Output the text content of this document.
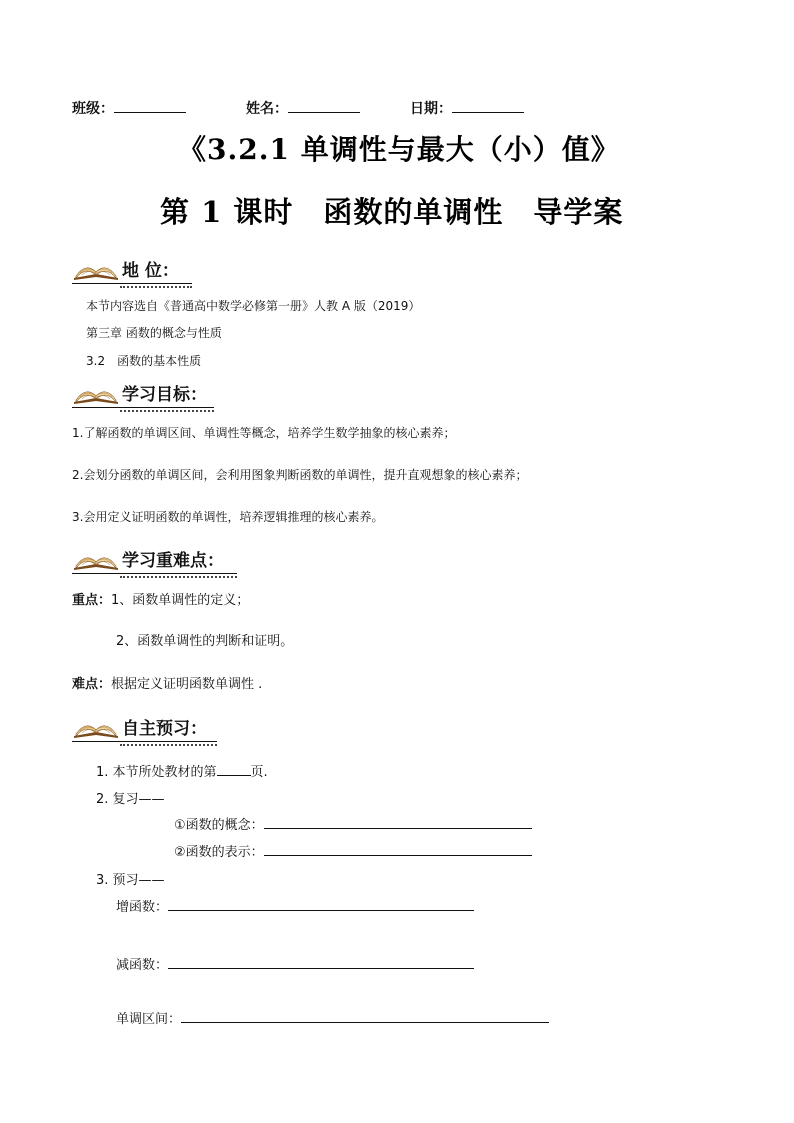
班级：	姓名：	日期：
《3.2.1 单调性与最大（小）值》
第 1 课时　函数的单调性　导学案
地 位：
本节内容选自《普通高中数学必修第一册》人教 A 版（2019）
第三章 函数的概念与性质
3.2　函数的基本性质
学习目标：
1.了解函数的单调区间、单调性等概念，培养学生数学抽象的核心素养；
2.会划分函数的单调区间，会利用图象判断函数的单调性，提升直观想象的核心素养；
3.会用定义证明函数的单调性，培养逻辑推理的核心素养。
学习重难点：
重点：1、函数单调性的定义；
2、函数单调性的判断和证明。
难点：根据定义证明函数单调性 .
自主预习：
1. 本节所处教材的第	页.
2. 复习——
①函数的概念：
②函数的表示：
3. 预习——
增函数：
减函数：
单调区间：
